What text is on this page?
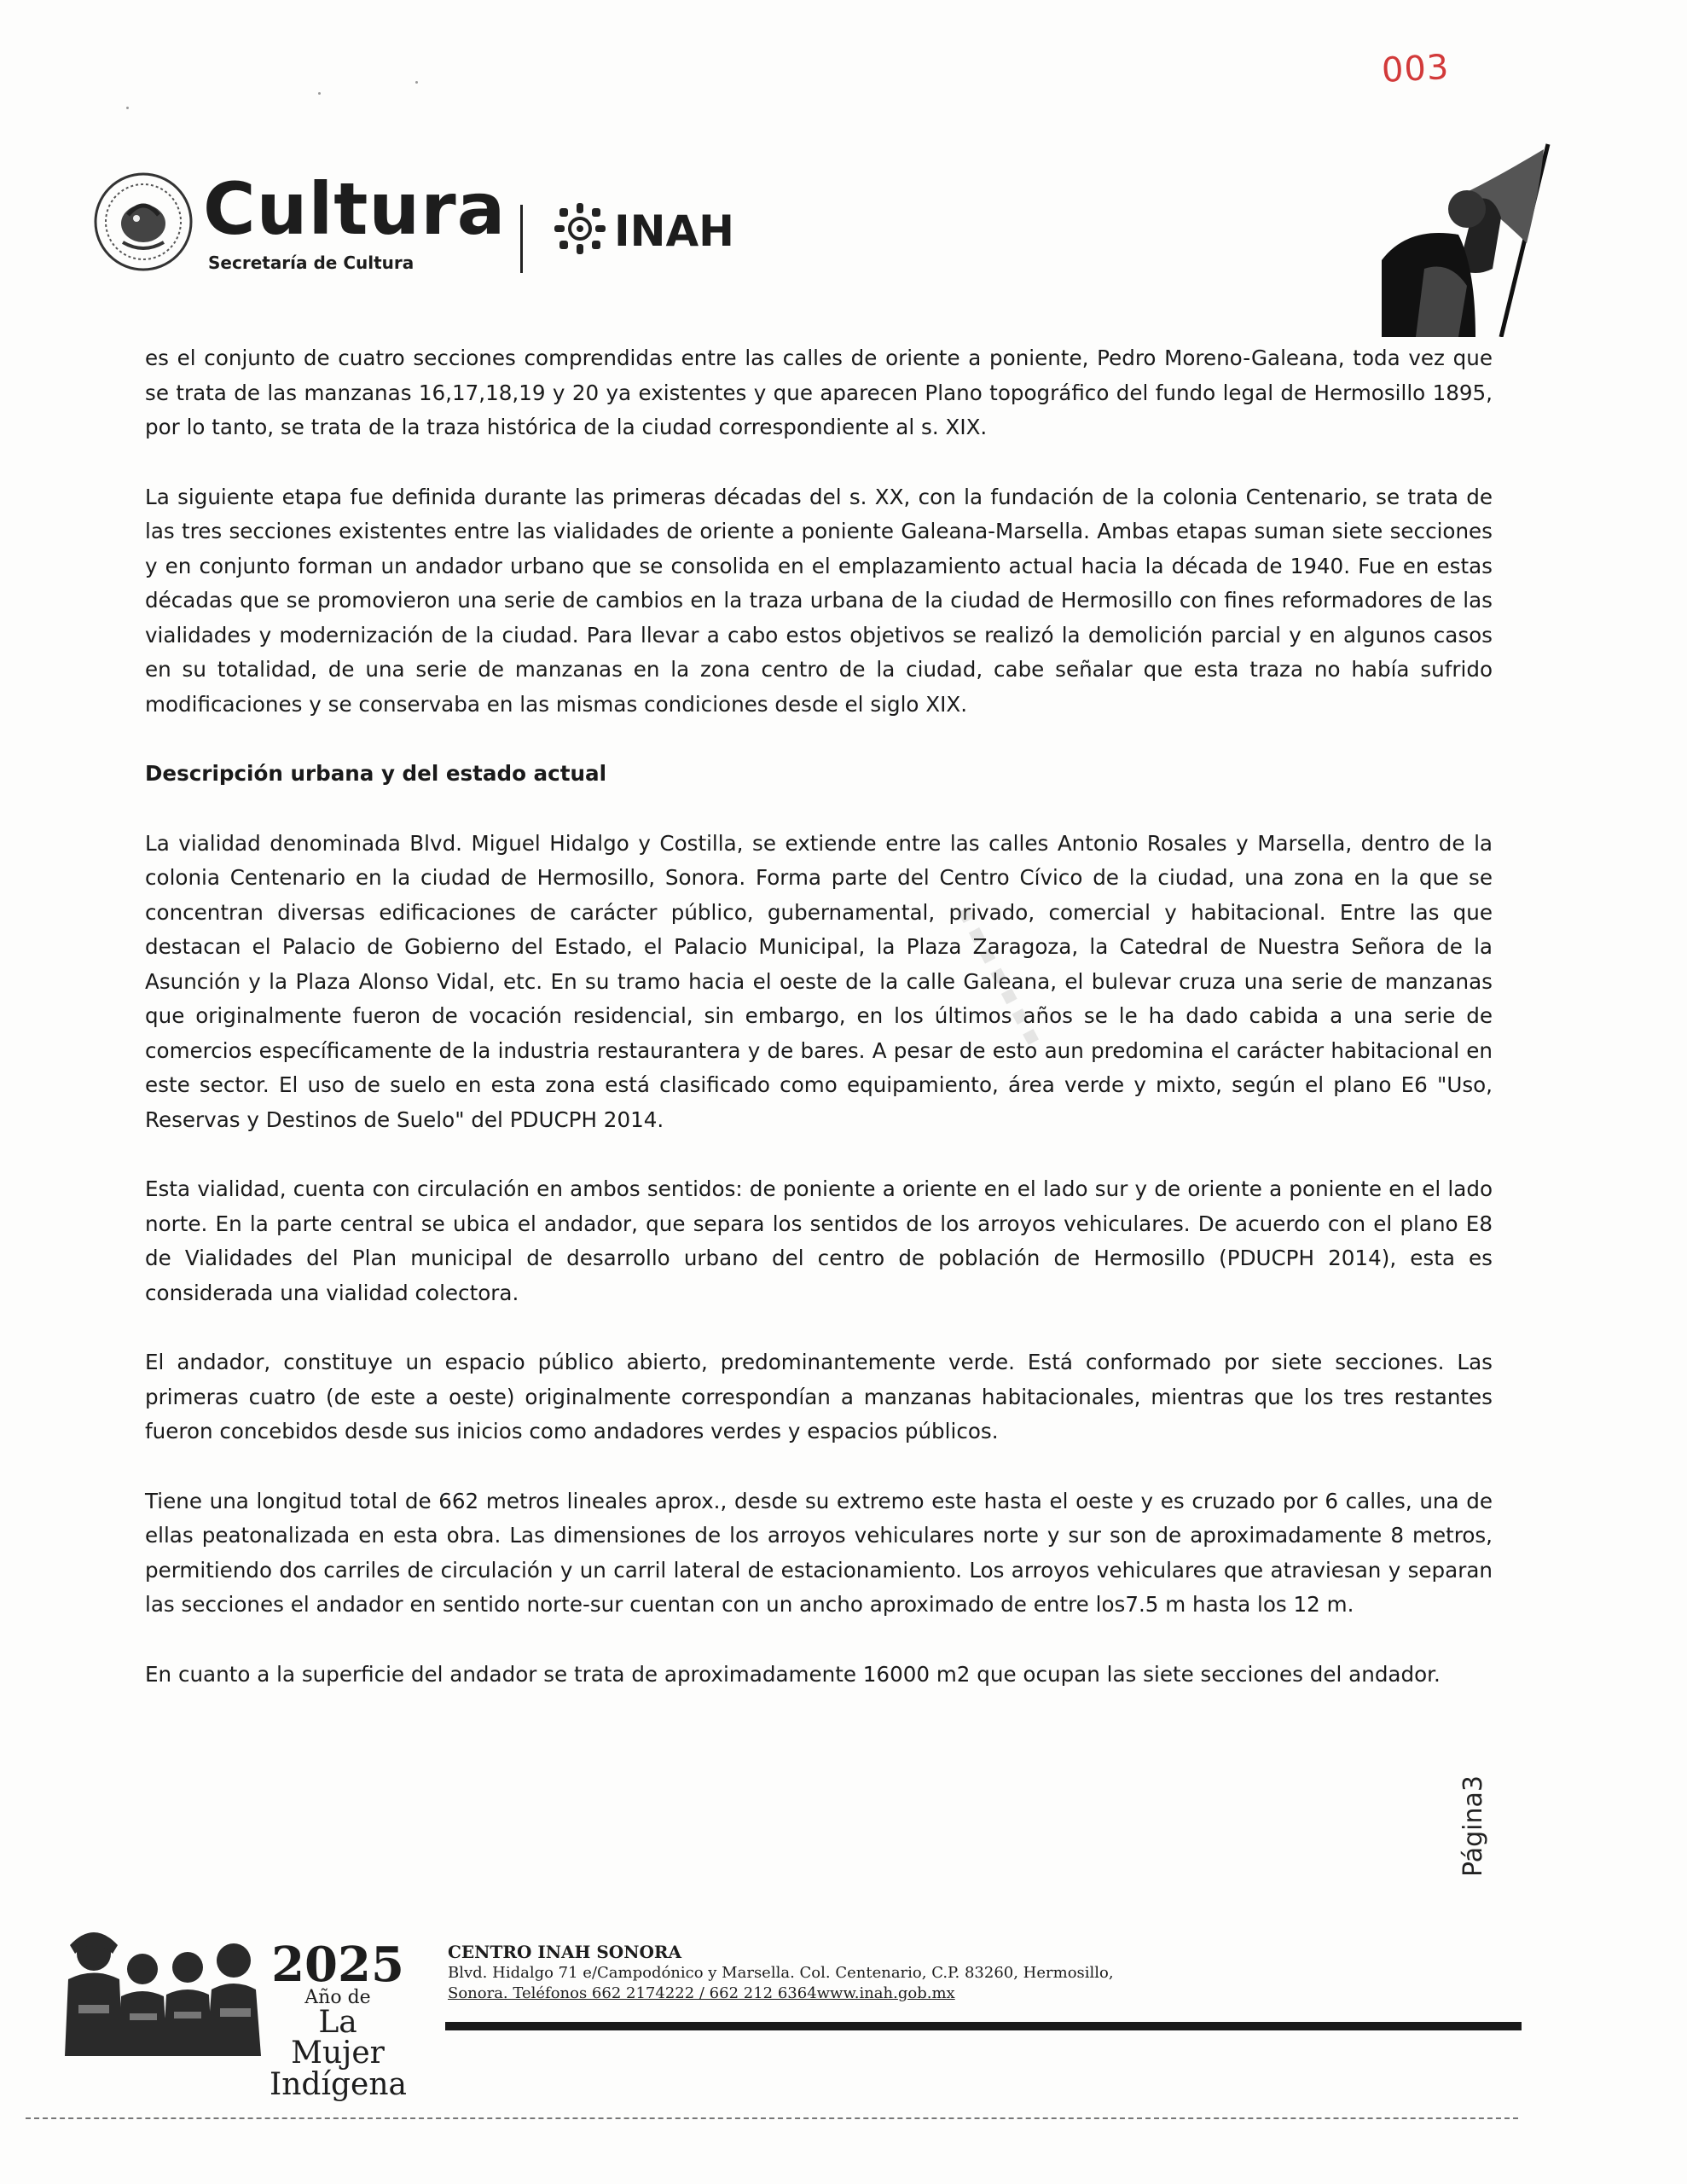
003
Cultura
Secretaría de Cultura
INAH

es el conjunto de cuatro secciones comprendidas entre las calles de oriente a poniente, Pedro Moreno-Galeana, toda vez que se trata de las manzanas 16,17,18,19 y 20 ya existentes y que aparecen Plano topográfico del fundo legal de Hermosillo 1895, por lo tanto, se trata de la traza histórica de la ciudad correspondiente al s. XIX.

La siguiente etapa fue definida durante las primeras décadas del s. XX, con la fundación de la colonia Centenario, se trata de las tres secciones existentes entre las vialidades de oriente a poniente Galeana-Marsella. Ambas etapas suman siete secciones y en conjunto forman un andador urbano que se consolida en el emplazamiento actual hacia la década de 1940. Fue en estas décadas que se promovieron una serie de cambios en la traza urbana de la ciudad de Hermosillo con fines reformadores de las vialidades y modernización de la ciudad. Para llevar a cabo estos objetivos se realizó la demolición parcial y en algunos casos en su totalidad, de una serie de manzanas en la zona centro de la ciudad, cabe señalar que esta traza no había sufrido modificaciones y se conservaba en las mismas condiciones desde el siglo XIX.

Descripción urbana y del estado actual

La vialidad denominada Blvd. Miguel Hidalgo y Costilla, se extiende entre las calles Antonio Rosales y Marsella, dentro de la colonia Centenario en la ciudad de Hermosillo, Sonora. Forma parte del Centro Cívico de la ciudad, una zona en la que se concentran diversas edificaciones de carácter público, gubernamental, privado, comercial y habitacional. Entre las que destacan el Palacio de Gobierno del Estado, el Palacio Municipal, la Plaza Zaragoza, la Catedral de Nuestra Señora de la Asunción y la Plaza Alonso Vidal, etc. En su tramo hacia el oeste de la calle Galeana, el bulevar cruza una serie de manzanas que originalmente fueron de vocación residencial, sin embargo, en los últimos años se le ha dado cabida a una serie de comercios específicamente de la industria restaurantera y de bares. A pesar de esto aun predomina el carácter habitacional en este sector. El uso de suelo en esta zona está clasificado como equipamiento, área verde y mixto, según el plano E6 "Uso, Reservas y Destinos de Suelo" del PDUCPH 2014.

Esta vialidad, cuenta con circulación en ambos sentidos: de poniente a oriente en el lado sur y de oriente a poniente en el lado norte. En la parte central se ubica el andador, que separa los sentidos de los arroyos vehiculares. De acuerdo con el plano E8 de Vialidades del Plan municipal de desarrollo urbano del centro de población de Hermosillo (PDUCPH 2014), esta es considerada una vialidad colectora.

El andador, constituye un espacio público abierto, predominantemente verde. Está conformado por siete secciones. Las primeras cuatro (de este a oeste) originalmente correspondían a manzanas habitacionales, mientras que los tres restantes fueron concebidos desde sus inicios como andadores verdes y espacios públicos.

Tiene una longitud total de 662 metros lineales aprox., desde su extremo este hasta el oeste y es cruzado por 6 calles, una de ellas peatonalizada en esta obra. Las dimensiones de los arroyos vehiculares norte y sur son de aproximadamente 8 metros, permitiendo dos carriles de circulación y un carril lateral de estacionamiento. Los arroyos vehiculares que atraviesan y separan las secciones el andador en sentido norte-sur cuentan con un ancho aproximado de entre los7.5 m hasta los 12 m.

En cuanto a la superficie del andador se trata de aproximadamente 16000 m2 que ocupan las siete secciones del andador.

▪▪▪▪▪▪▪
Página3
2025
Año de
La Mujer
Indígena
CENTRO INAH SONORA
Blvd. Hidalgo 71 e/Campodónico y Marsella. Col. Centenario, C.P. 83260, Hermosillo,
Sonora. Teléfonos 662 2174222 / 662 212 6364www.inah.gob.mx
